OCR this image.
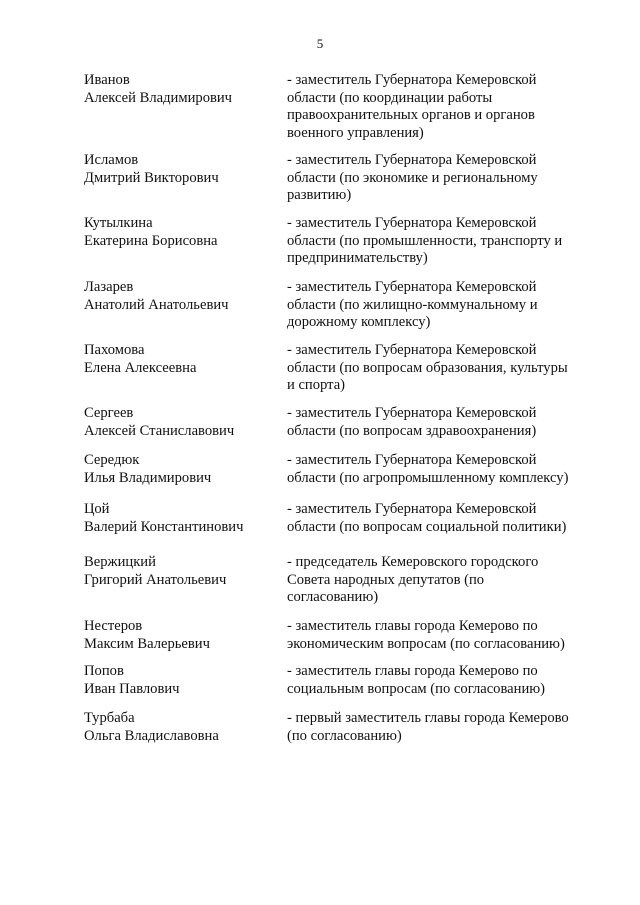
5
Иванов
Алексей Владимирович
- заместитель Губернатора Кемеровской
области (по координации работы
правоохранительных органов и органов
военного управления)
Исламов
Дмитрий Викторович
- заместитель Губернатора Кемеровской
области (по экономике и региональному
развитию)
Кутылкина
Екатерина Борисовна
- заместитель Губернатора Кемеровской
области (по промышленности, транспорту и
предпринимательству)
Лазарев
Анатолий Анатольевич
- заместитель Губернатора Кемеровской
области (по жилищно-коммунальному и
дорожному комплексу)
Пахомова
Елена Алексеевна
- заместитель Губернатора Кемеровской
области (по вопросам образования, культуры
и спорта)
Сергеев
Алексей Станиславович
- заместитель Губернатора Кемеровской
области (по вопросам здравоохранения)
Середюк
Илья Владимирович
- заместитель Губернатора Кемеровской
области (по агропромышленному комплексу)
Цой
Валерий Константинович
- заместитель Губернатора Кемеровской
области (по вопросам социальной политики)
Вержицкий
Григорий Анатольевич
- председатель Кемеровского городского
Совета народных депутатов (по
согласованию)
Нестеров
Максим Валерьевич
- заместитель главы города Кемерово по
экономическим вопросам (по согласованию)
Попов
Иван Павлович
- заместитель главы города Кемерово по
социальным вопросам (по согласованию)
Турбаба
Ольга Владиславовна
- первый заместитель главы города Кемерово
(по согласованию)
